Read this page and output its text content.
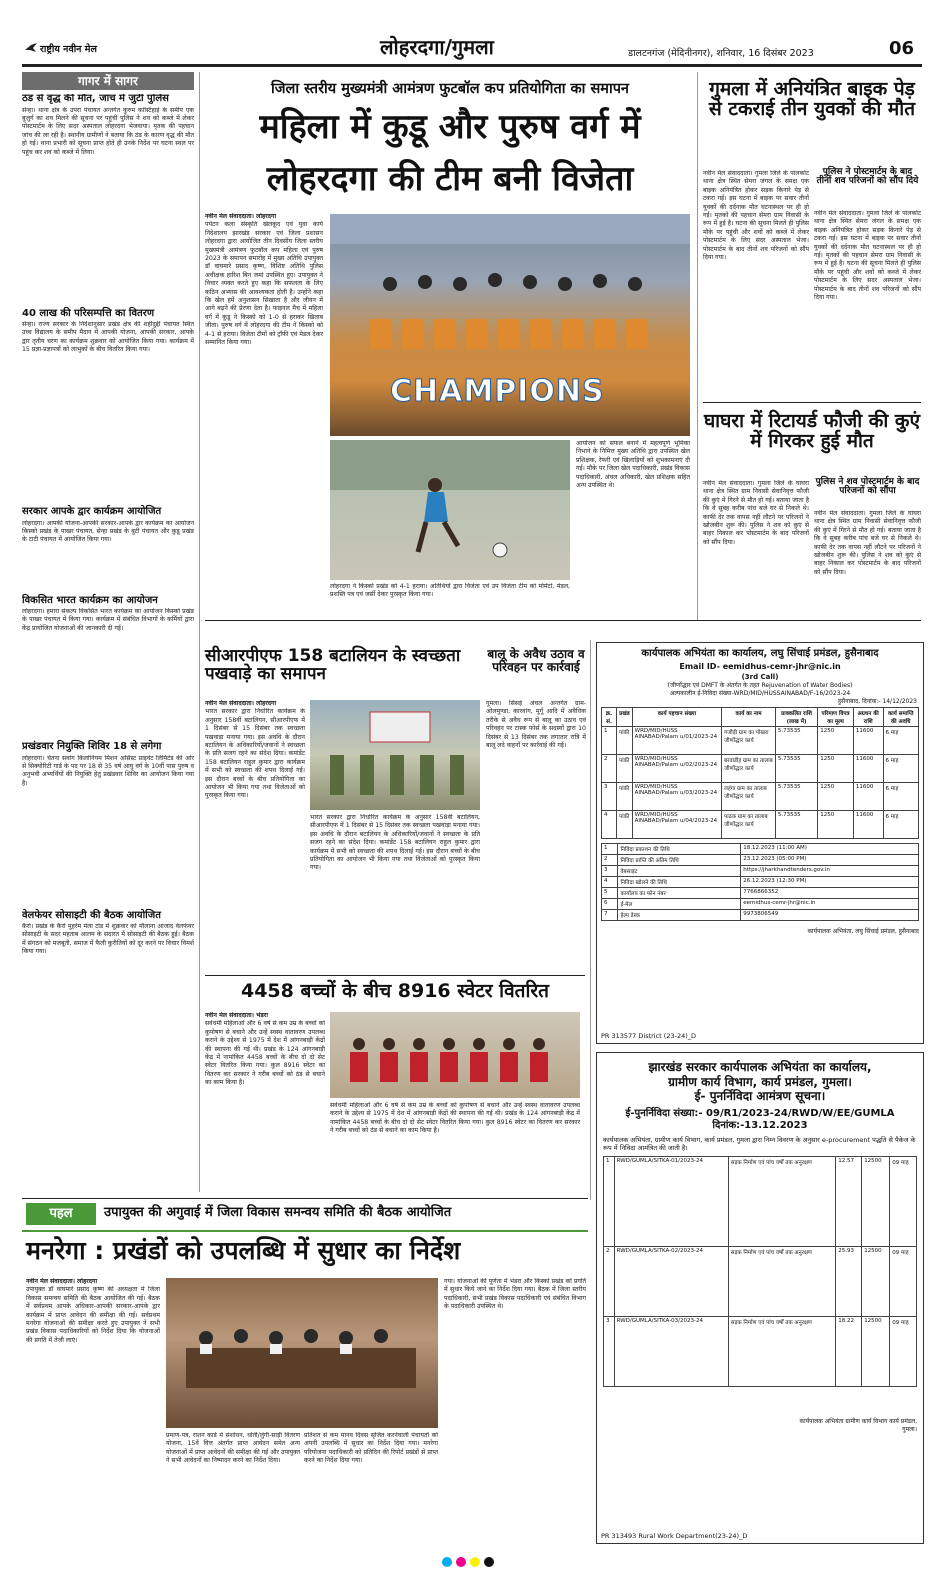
राष्ट्रीय नवीन मेल	लोहरदगा/गुमला	डालटनगंज (मेदिनीनगर), शनिवार, 16 दिसंबर 2023	06
गागर में सागर
ठंड से वृद्ध की मौत, जांच में जुटी पुलिस
सेन्हा। थाना क्षेत्र के उपरा पंचायत अन्तर्गत कुरुम कांस्टिहाई के समीप एक बुजुर्ग का शव मिलने की सूचना पर पहुंची पुलिस ने शव को कब्जे में लेकर पोस्टमार्टम के लिए सदर अस्पताल लोहरदगा भेजवाया। मृतक की पहचान जांच की जा रही है। स्थानीय ग्रामीणों ने बताया कि ठंड के कारण वृद्ध की मौत हो गई। थाना प्रभारी को सूचना प्राप्त होते ही उनके निर्देश पर घटना स्थल पर पहुंच कर शव को कब्जे में लिया।
40 लाख की परिसम्पत्ति का वितरण
सेन्हा। राज्य सरकार के निर्देशानुसार प्रखंड क्षेत्र की शहीदुद्दी पंचायत स्थित उच्च विद्यालय के समीप मैदान में आपकी योजना, आपकी सरकार, आपके द्वार तृतीय चरण का कार्यक्रम शुक्रवार को आयोजित किया गया। कार्यक्रम में 15 प्रज्ञा-प्रज्ञापत्रों को लाभुकों के बीच वितरित किया गया।
सरकार आपके द्वार कार्यक्रम आयोजित
लोहरदगा। आपकी योजना-आपकी सरकार-आपके द्वार कार्यक्रम का आयोजन किस्को प्रखंड के पाखर पंचायत, सेन्हा प्रखंड के बुटी पंचायत और कुडू प्रखंड के टाटी पंचायत में आयोजित किया गया।
विकसित भारत कार्यक्रम का आयोजन
लोहरदगा। हमारा संकल्प विकसित भारत कार्यक्रम का आयोजन किस्को प्रखंड के पाखर पंचायत में किया गया। कार्यक्रम में संबंधित विभागों के कर्मियों द्वारा केंद्र प्रायोजित योजनाओं की जानकारी दी गई।
प्रखंडवार नियुक्ति शिविर 18 से लगेगा
लोहरदगा। चेतना सवांग किलोनियम मिशन असिस्ट प्राइवेट लिमिटेड की ओर से सिक्योरिटी गार्ड के पद पर 18 से 35 वर्ष आयु वर्ग के 10वीं पास पुरुष व अनुभवी अभ्यर्थियों की नियुक्ति हेतु प्रखंडवार शिविर का आयोजन किया गया है।
वेलफेयर सोसाइटी की बैठक आयोजित
कैरो। प्रखंड के कैरो मुहर्रम मेला टांड में शुक्रवार को मौलाना आजाद वेलफेयर सोसाइटी के सदर महताब आलम के सदारत में सोसाइटी की बैठक हुई। बैठक में संगठन को मजबूती, समाज में फैली कुरीतियों को दूर करने पर विचार विमर्श किया गया।
जिला स्तरीय मुख्यमंत्री आमंत्रण फुटबॉल कप प्रतियोगिता का समापन
महिला में कुडू और पुरुष वर्ग में
लोहरदगा की टीम बनी विजेता
नवीन मेल संवाददाता। लोहरदगा
पर्यटन कला संस्कृति खेलकूद एवं युवा कार्य निदेशालय झारखंड सरकार एवं जिला प्रशासन लोहरदगा द्वारा आयोजित तीन दिवसीय जिला स्तरीय मुख्यमंत्री आमंत्रण फुटबॉल कप महिला एवं पुरुष 2023 के समापन समारोह में मुख्य अतिथि उपायुक्त डॉ वाघमारे प्रसाद कृष्ण, विशिष्ट अतिथि पुलिस अधीक्षक हारिश बिन जमां उपस्थित हुए। उपायुक्त ने विचार व्यक्त करते हुए कहा कि सफलता के लिए कठिन अभ्यास की आवश्यकता होती है। उन्होंने कहा कि खेल हमें अनुशासन सिखाता है और जीवन में आगे बढ़ने की प्रेरणा देता है। फाइनल मैच में महिला वर्ग में कुडू ने किस्को को 1-0 से हराकर खिताब जीता। पुरुष वर्ग में लोहरदगा की टीम ने किस्को को 4-1 से हराया। विजेता टीमों को ट्रॉफी एवं मेडल देकर सम्मानित किया गया।
CHAMPIONS
आयोजन को सफल बनाने में महत्वपूर्ण भूमिका निभाने के निमित्त मुख्य अतिथि द्वारा उपस्थित खेल प्रशिक्षक, रेफरी एवं खिलाड़ियों को शुभकामनाएं दी गई। मौके पर जिला खेल पदाधिकारी, प्रखंड विकास पदाधिकारी, अंचल अधिकारी, खेल प्रशिक्षक सहित अन्य उपस्थित थे।
लोहरदगा ने किस्को प्रखंड को 4-1 हराया। अतिथियों द्वारा विजेता एवं उप विजेता टीम को मोमेंटो, मेडल, प्रशस्ति पत्र एवं जर्सी देकर पुरस्कृत किया गया।
गुमला में अनियंत्रित बाइक पेड़ से टकराई तीन युवकों की मौत
नवीन मेल संवाददाता। गुमला जिले के पालकोट थाना क्षेत्र स्थित सेमरा जंगल के समक्ष एक बाइक अनियंत्रित होकर सड़क किनारे पेड़ से टकरा गई। इस घटना में बाइक पर सवार तीनों युवकों की दर्दनाक मौत घटनास्थल पर ही हो गई। मृतकों की पहचान सेमरा ग्राम निवासी के रूप में हुई है। घटना की सूचना मिलते ही पुलिस मौके पर पहुंची और शवों को कब्जे में लेकर पोस्टमार्टम के लिए सदर अस्पताल भेजा। पोस्टमार्टम के बाद तीनों शव परिजनों को सौंप दिया गया।
पुलिस ने पोस्टमार्टम के बाद तीनों शव परिजनों को सौंप दिये
नवीन मेल संवाददाता। गुमला जिले के पालकोट थाना क्षेत्र स्थित सेमरा जंगल के समक्ष एक बाइक अनियंत्रित होकर सड़क किनारे पेड़ से टकरा गई। इस घटना में बाइक पर सवार तीनों युवकों की दर्दनाक मौत घटनास्थल पर ही हो गई। मृतकों की पहचान सेमरा ग्राम निवासी के रूप में हुई है। घटना की सूचना मिलते ही पुलिस मौके पर पहुंची और शवों को कब्जे में लेकर पोस्टमार्टम के लिए सदर अस्पताल भेजा। पोस्टमार्टम के बाद तीनों शव परिजनों को सौंप दिया गया।
घाघरा में रिटायर्ड फौजी की कुएं में गिरकर हुई मौत
नवीन मेल संवाददाता। गुमला जिले के घाघरा थाना क्षेत्र स्थित ग्राम निवासी सेवानिवृत्त फौजी की कुएं में गिरने से मौत हो गई। बताया जाता है कि वे सुबह करीब पांच बजे घर से निकले थे। काफी देर तक वापस नहीं लौटने पर परिजनों ने खोजबीन शुरू की। पुलिस ने शव को कुएं से बाहर निकाल कर पोस्टमार्टम के बाद परिजनों को सौंप दिया।
पुलिस ने शव पोस्टमार्टम के बाद परिजनों को सौंपा
नवीन मेल संवाददाता। गुमला जिले के घाघरा थाना क्षेत्र स्थित ग्राम निवासी सेवानिवृत्त फौजी की कुएं में गिरने से मौत हो गई। बताया जाता है कि वे सुबह करीब पांच बजे घर से निकले थे। काफी देर तक वापस नहीं लौटने पर परिजनों ने खोजबीन शुरू की। पुलिस ने शव को कुएं से बाहर निकाल कर पोस्टमार्टम के बाद परिजनों को सौंप दिया।
सीआरपीएफ 158 बटालियन के स्वच्छता पखवाड़े का समापन
नवीन मेल संवाददाता। लोहरदगा
भारत सरकार द्वारा निर्धारित कार्यक्रम के अनुसार 158वीं बटालियन, सीआरपीएफ में 1 दिसंबर से 15 दिसंबर तक स्वच्छता पखवाड़ा मनाया गया। इस अवधि के दौरान बटालियन के अधिकारियों/जवानों ने स्वच्छता के प्रति सजग रहने का संदेश दिया। कमांडेंट 158 बटालियन राहुल कुमार द्वारा कार्यक्रम में सभी को स्वच्छता की शपथ दिलाई गई। इस दौरान बच्चों के बीच प्रतियोगिता का आयोजन भी किया गया तथा विजेताओं को पुरस्कृत किया गया।
भारत सरकार द्वारा निर्धारित कार्यक्रम के अनुसार 158वीं बटालियन, सीआरपीएफ में 1 दिसंबर से 15 दिसंबर तक स्वच्छता पखवाड़ा मनाया गया। इस अवधि के दौरान बटालियन के अधिकारियों/जवानों ने स्वच्छता के प्रति सजग रहने का संदेश दिया। कमांडेंट 158 बटालियन राहुल कुमार द्वारा कार्यक्रम में सभी को स्वच्छता की शपथ दिलाई गई। इस दौरान बच्चों के बीच प्रतियोगिता का आयोजन भी किया गया तथा विजेताओं को पुरस्कृत किया गया।
बालू के अवैध उठाव व परिवहन पर कार्रवाई
गुमला। सिसई अंचल अन्तर्गत ग्राम-ओलमुण्डा, कारवांग, मुर्गू आदि में अवैधिक तरीके से अवैध रूप से बालू का उठाव एवं परिवहन पर टास्क फोर्स के सदस्यों द्वारा 10 दिसंबर से 13 दिसंबर तक लगातार रात्रि में बालू लदे वाहनों पर कार्रवाई की गई।
4458 बच्चों के बीच 8916 स्वेटर वितरित
नवीन मेल संवाददाता। भंडरा
सर्वधर्मी महिलाओं और 6 वर्ष से कम उम्र के बच्चों को कुपोषण से बचाने और उन्हें स्वस्थ वातावरण उपलब्ध कराने के उद्देश्य से 1975 में देश में आंगनबाड़ी केंद्रों की स्थापना की गई थी। प्रखंड के 124 आंगनबाड़ी केंद्र में नामांकित 4458 बच्चों के बीच दो दो सेट स्वेटर वितरित किया गया। कुल 8916 स्वेटर का वितरण कर सरकार ने गरीब बच्चों को ठंड से बचाने का काम किया है।
सर्वधर्मी महिलाओं और 6 वर्ष से कम उम्र के बच्चों को कुपोषण से बचाने और उन्हें स्वस्थ वातावरण उपलब्ध कराने के उद्देश्य से 1975 में देश में आंगनबाड़ी केंद्रों की स्थापना की गई थी। प्रखंड के 124 आंगनबाड़ी केंद्र में नामांकित 4458 बच्चों के बीच दो दो सेट स्वेटर वितरित किया गया। कुल 8916 स्वेटर का वितरण कर सरकार ने गरीब बच्चों को ठंड से बचाने का काम किया है।
कार्यपालक अभियंता का कार्यालय, लघु सिंचाई प्रमंडल, हुसैनाबाद
Email ID- eemidhus-cemr-jhr@nic.in
(3rd Call)
(जीर्णोद्धार एवं DMFT के अंतर्गत के तहत Rejuvenation of Water Bodies)
अल्पकालीन ई-निविदा संख्या-WRD/MID/HUSSAINABAD/F-16/2023-24
हुसैनाबाद, दिनांक:- 14/12/2023
क्र. सं.	प्रखंड	कार्य पहचान संख्या	कार्य का नाम	प्राक्कलित राशि (लाख में)	परिमाण विपत्र का मूल्य	अग्रधन की राशि	कार्य समाप्ति की अवधि
1	पांकी	WRD/MID/HUSS AINABAD/Palam u/01/2023-24	गजौड़ी ग्राम का पोखरा जीर्णोद्धार कार्य	5.73535	1250	11600	6 माह
2	पांकी	WRD/MID/HUSS AINABAD/Palam u/02/2023-24	बरवाडीह ग्राम का तालाब जीर्णोद्धार कार्य	5.73535	1250	11600	6 माह
3	पांकी	WRD/MID/HUSS AINABAD/Palam u/03/2023-24	लहंगा ग्राम का तालाब जीर्णोद्धार कार्य	5.73535	1250	11600	6 माह
4	पांकी	WRD/MID/HUSS AINABAD/Palam u/04/2023-24	पाठक ग्राम का तालाब जीर्णोद्धार कार्य	5.73535	1250	11600	6 माह
1	निविदा प्रकाशन की तिथि	18.12.2023 (11:00 AM)
2	निविदा प्राप्ति की अंतिम तिथि	23.12.2023 (05:00 PM)
3	वेबसाइट	https://jharkhandtenders.gov.in
4	निविदा खोलने की तिथि	26.12.2023 (12:30 PM)
5	कार्यालय का फोन नंबर	7766866352
6	ई-मेल	eemidhus-cemr-jhr@nic.in
7	हेल्प डेस्क	9973806549
कार्यपालक अभियंता, लघु सिंचाई प्रमंडल, हुसैनाबाद
PR 313577 District (23-24)_D
झारखंड सरकार कार्यपालक अभियंता का कार्यालय,
ग्रामीण कार्य विभाग, कार्य प्रमंडल, गुमला।
ई- पुनर्निविदा आमंत्रण सूचना।
ई-पुनर्निविदा संख्या:- 09/R1/2023-24/RWD/W/EE/GUMLA
दिनांक:-13.12.2023
कार्यपालक अभियंता, ग्रामीण कार्य विभाग, कार्य प्रमंडल, गुमला द्वारा निम्न विवरण के अनुसार e-procurement पद्धति से पैकेज के रूप में निविदा आमंत्रित की जाती है।
1	RWD/GUMLA/SITKA-01/2023-24	सड़क निर्माण एवं पांच वर्षों तक अनुरक्षण	12.57	12500	09 माह
2	RWD/GUMLA/SITKA-02/2023-24	सड़क निर्माण एवं पांच वर्षों तक अनुरक्षण	25.93	12500	09 माह
3	RWD/GUMLA/SITKA-03/2023-24	सड़क निर्माण एवं पांच वर्षों तक अनुरक्षण	18.22	12500	09 माह
कार्यपालक अभियंता ग्रामीण कार्य विभाग कार्य प्रमंडल, गुमला।
PR 313493 Rural Work Department(23-24)_D
पहल	उपायुक्त की अगुवाई में जिला विकास समन्वय समिति की बैठक आयोजित
मनरेगा : प्रखंडों को उपलब्धि में सुधार का निर्देश
नवीन मेल संवाददाता। लोहरदगा
उपायुक्त डॉ वाघमारे प्रसाद कृष्ण की अध्यक्षता में जिला विकास समन्वय समिति की बैठक आयोजित की गई। बैठक में सर्वप्रथम आपके अधिकार-आपकी सरकार-आपके द्वार कार्यक्रम में प्राप्त आवेदन की समीक्षा की गई। सर्वप्रथम मनरेगा योजनाओं की समीक्षा करते हुए उपायुक्त ने सभी प्रखंड विकास पदाधिकारियों को निर्देश दिया कि योजनाओं की प्रगति में तेजी लाएं।
प्रमाण-पत्र, राशन कार्ड में संशोधन, धोती/लुंगी-साड़ी वितरण योजना, 15वें वित्त अंतर्गत प्राप्त आवेदन समेत अन्य योजनाओं में प्राप्त आवेदनों की समीक्षा की गई और उपायुक्त ने सभी आवेदनों का निष्पादन करने का निर्देश दिया।
प्रतिशत से कम मानव दिवस सृजित करनेवाली पंचायतों को अपनी उपलब्धि में सुधार का निर्देश दिया गया। मनरेगा परियोजना पदाधिकारी को प्रतिदिन की रिपोर्ट प्रखंडों से प्राप्त करने का निर्देश दिया गया।
गया। योजनाओं की पूर्णता में भंडरा और किस्को प्रखंड को प्रगति में सुधार किये जाने का निर्देश दिया गया। बैठक में जिला स्तरीय पदाधिकारी, सभी प्रखंड विकास पदाधिकारी एवं संबंधित विभाग के पदाधिकारी उपस्थित थे।
